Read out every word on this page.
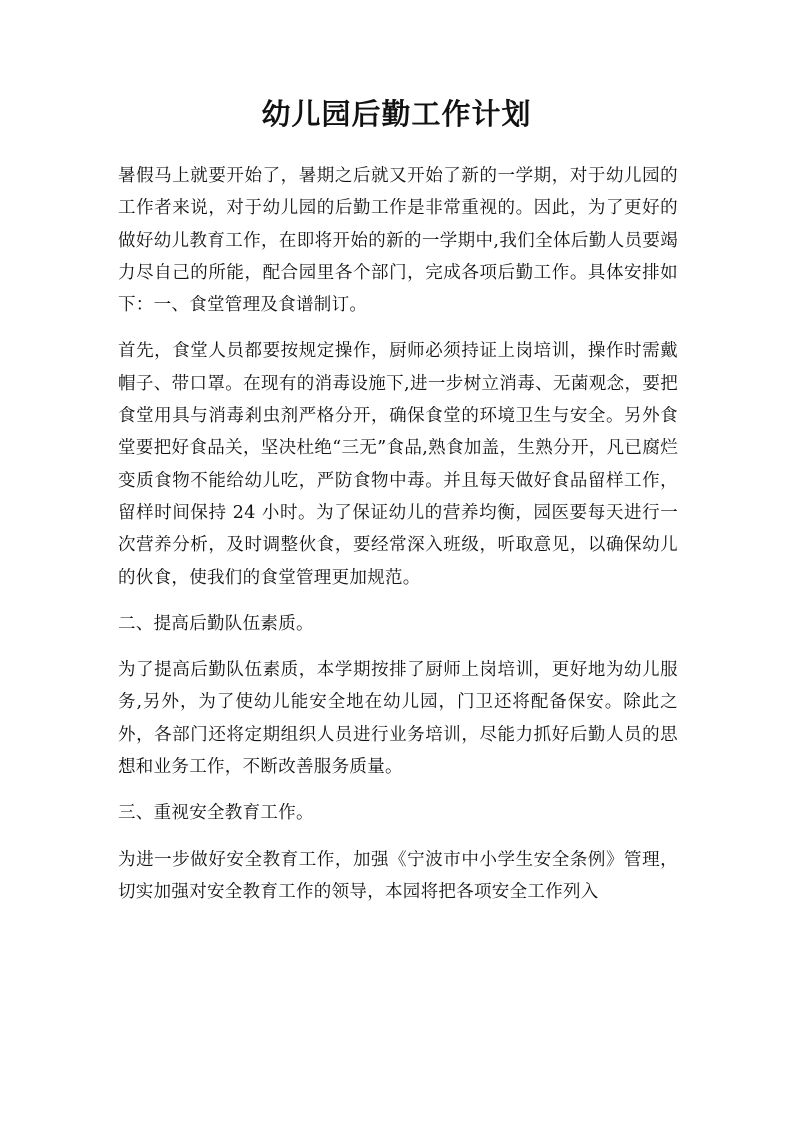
幼儿园后勤工作计划

暑假马上就要开始了，暑期之后就又开始了新的一学期，对于幼儿园的工作者来说，对于幼儿园的后勤工作是非常重视的。因此，为了更好的做好幼儿教育工作，在即将开始的新的一学期中,我们全体后勤人员要竭力尽自己的所能，配合园里各个部门，完成各项后勤工作。具体安排如下：一、食堂管理及食谱制订。

首先，食堂人员都要按规定操作，厨师必须持证上岗培训，操作时需戴帽子、带口罩。在现有的消毒设施下,进一步树立消毒、无菌观念，要把食堂用具与消毒剎虫剂严格分开，确保食堂的环境卫生与安全。另外食堂要把好食品关，坚决杜绝“三无”食品,熟食加盖，生熟分开，凡已腐烂变质食物不能给幼儿吃，严防食物中毒。并且每天做好食品留样工作，留样时间保持 24 小时。为了保证幼儿的营养均衡，园医要每天进行一次营养分析，及时调整伙食，要经常深入班级，听取意见，以确保幼儿的伙食，使我们的食堂管理更加规范。

二、提高后勤队伍素质。

为了提高后勤队伍素质，本学期按排了厨师上岗培训，更好地为幼儿服务,另外，为了使幼儿能安全地在幼儿园，门卫还将配备保安。除此之外，各部门还将定期组织人员进行业务培训，尽能力抓好后勤人员的思想和业务工作，不断改善服务质量。

三、重视安全教育工作。

为进一步做好安全教育工作，加强《宁波市中小学生安全条例》管理，切实加强对安全教育工作的领导，本园将把各项安全工作列入
